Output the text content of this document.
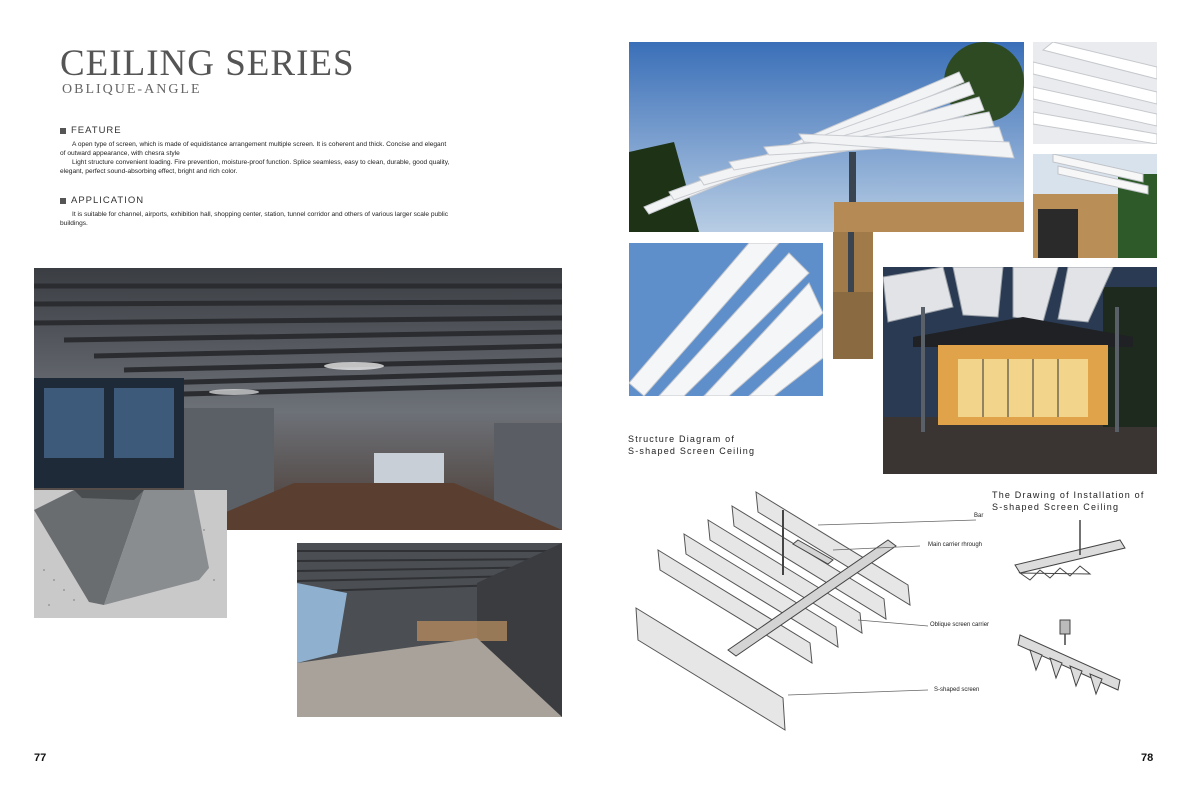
CEILING SERIES
OBLIQUE-ANGLE
FEATURE

A open type of screen, which is made of equidistance arrangement multiple screen. It is coherent and thick. Concise and elegant of outward appearance, with chesra style

Light structure convenient loading. Fire prevention, moisture-proof function. Splice seamless, easy to clean, durable, good quality, elegant, perfect sound-absorbing effect, bright and rich color.

APPLICATION

It is suitable for channel, airports, exhibition hall, shopping center, station, tunnel corridor and others of various larger scale public buildings.

77
Structure Diagram of
S-shaped Screen Ceiling
The Drawing of Installation of
S-shaped Screen Ceiling
Bar
Main carrier rhrough
Oblique screen carrier
S-shaped screen
78
